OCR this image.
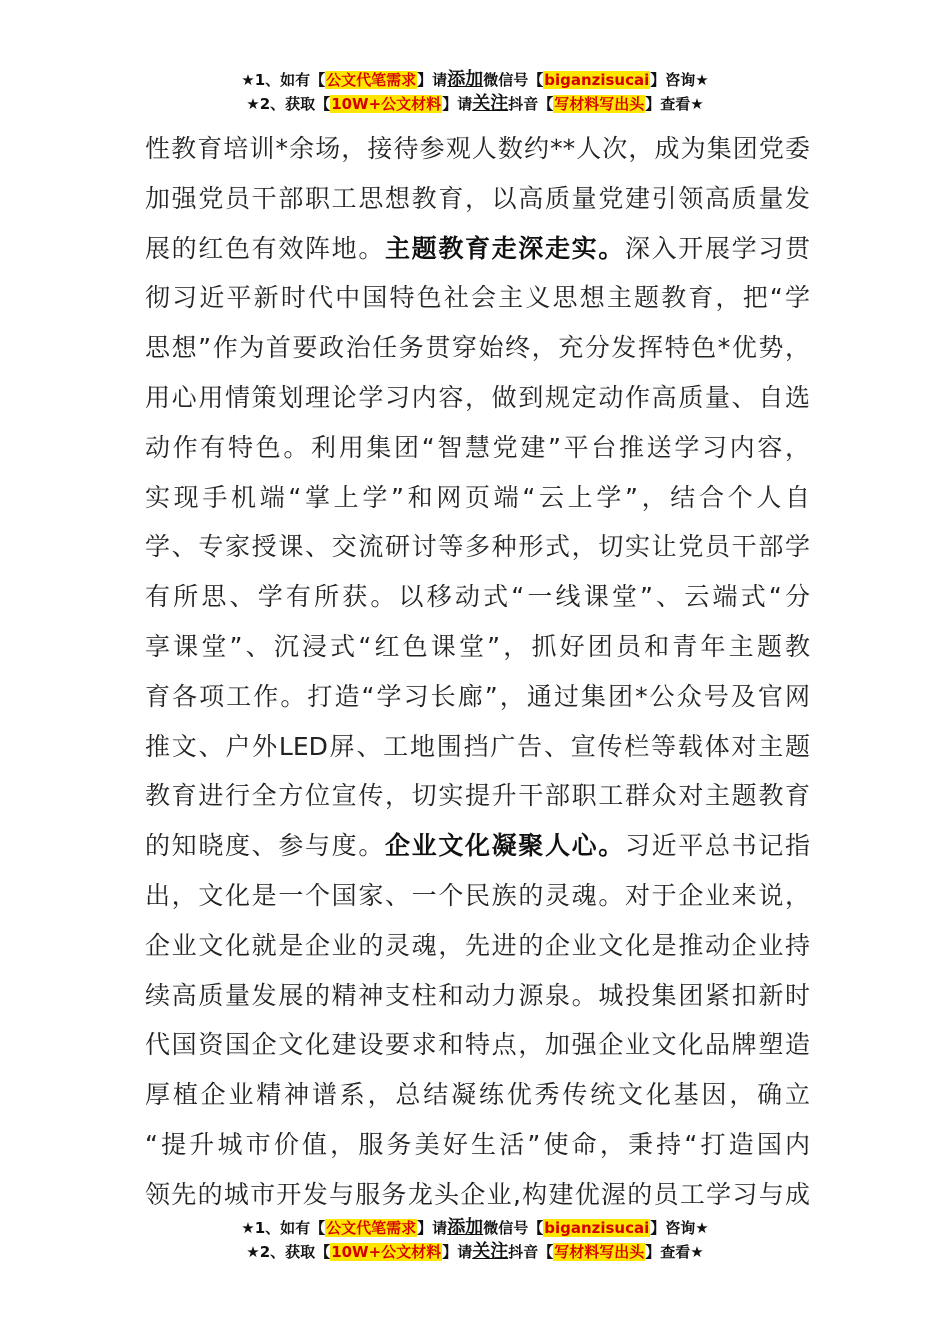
★1、如有【公文代笔需求】请添加微信号【biganzisucai】咨询★
★2、获取【10W+公文材料】请关注抖音【写材料写出头】查看★
性教育培训*余场，接待参观人数约**人次，成为集团党委
加强党员干部职工思想教育，以高质量党建引领高质量发
展的红色有效阵地。主题教育走深走实。深入开展学习贯
彻习近平新时代中国特色社会主义思想主题教育，把“学
思想”作为首要政治任务贯穿始终，充分发挥特色*优势，
用心用情策划理论学习内容，做到规定动作高质量、自选
动作有特色。利用集团“智慧党建”平台推送学习内容，
实现手机端“掌上学”和网页端“云上学”，结合个人自
学、专家授课、交流研讨等多种形式，切实让党员干部学
有所思、学有所获。以移动式“一线课堂”、云端式“分
享课堂”、沉浸式“红色课堂”，抓好团员和青年主题教
育各项工作。打造“学习长廊”，通过集团*公众号及官网
推文、户外LED屏、工地围挡广告、宣传栏等载体对主题
教育进行全方位宣传，切实提升干部职工群众对主题教育
的知晓度、参与度。企业文化凝聚人心。习近平总书记指
出，文化是一个国家、一个民族的灵魂。对于企业来说，
企业文化就是企业的灵魂，先进的企业文化是推动企业持
续高质量发展的精神支柱和动力源泉。城投集团紧扣新时
代国资国企文化建设要求和特点，加强企业文化品牌塑造
厚植企业精神谱系，总结凝练优秀传统文化基因，确立
“提升城市价值，服务美好生活”使命，秉持“打造国内
领先的城市开发与服务龙头企业,构建优渥的员工学习与成
★1、如有【公文代笔需求】请添加微信号【biganzisucai】咨询★
★2、获取【10W+公文材料】请关注抖音【写材料写出头】查看★
